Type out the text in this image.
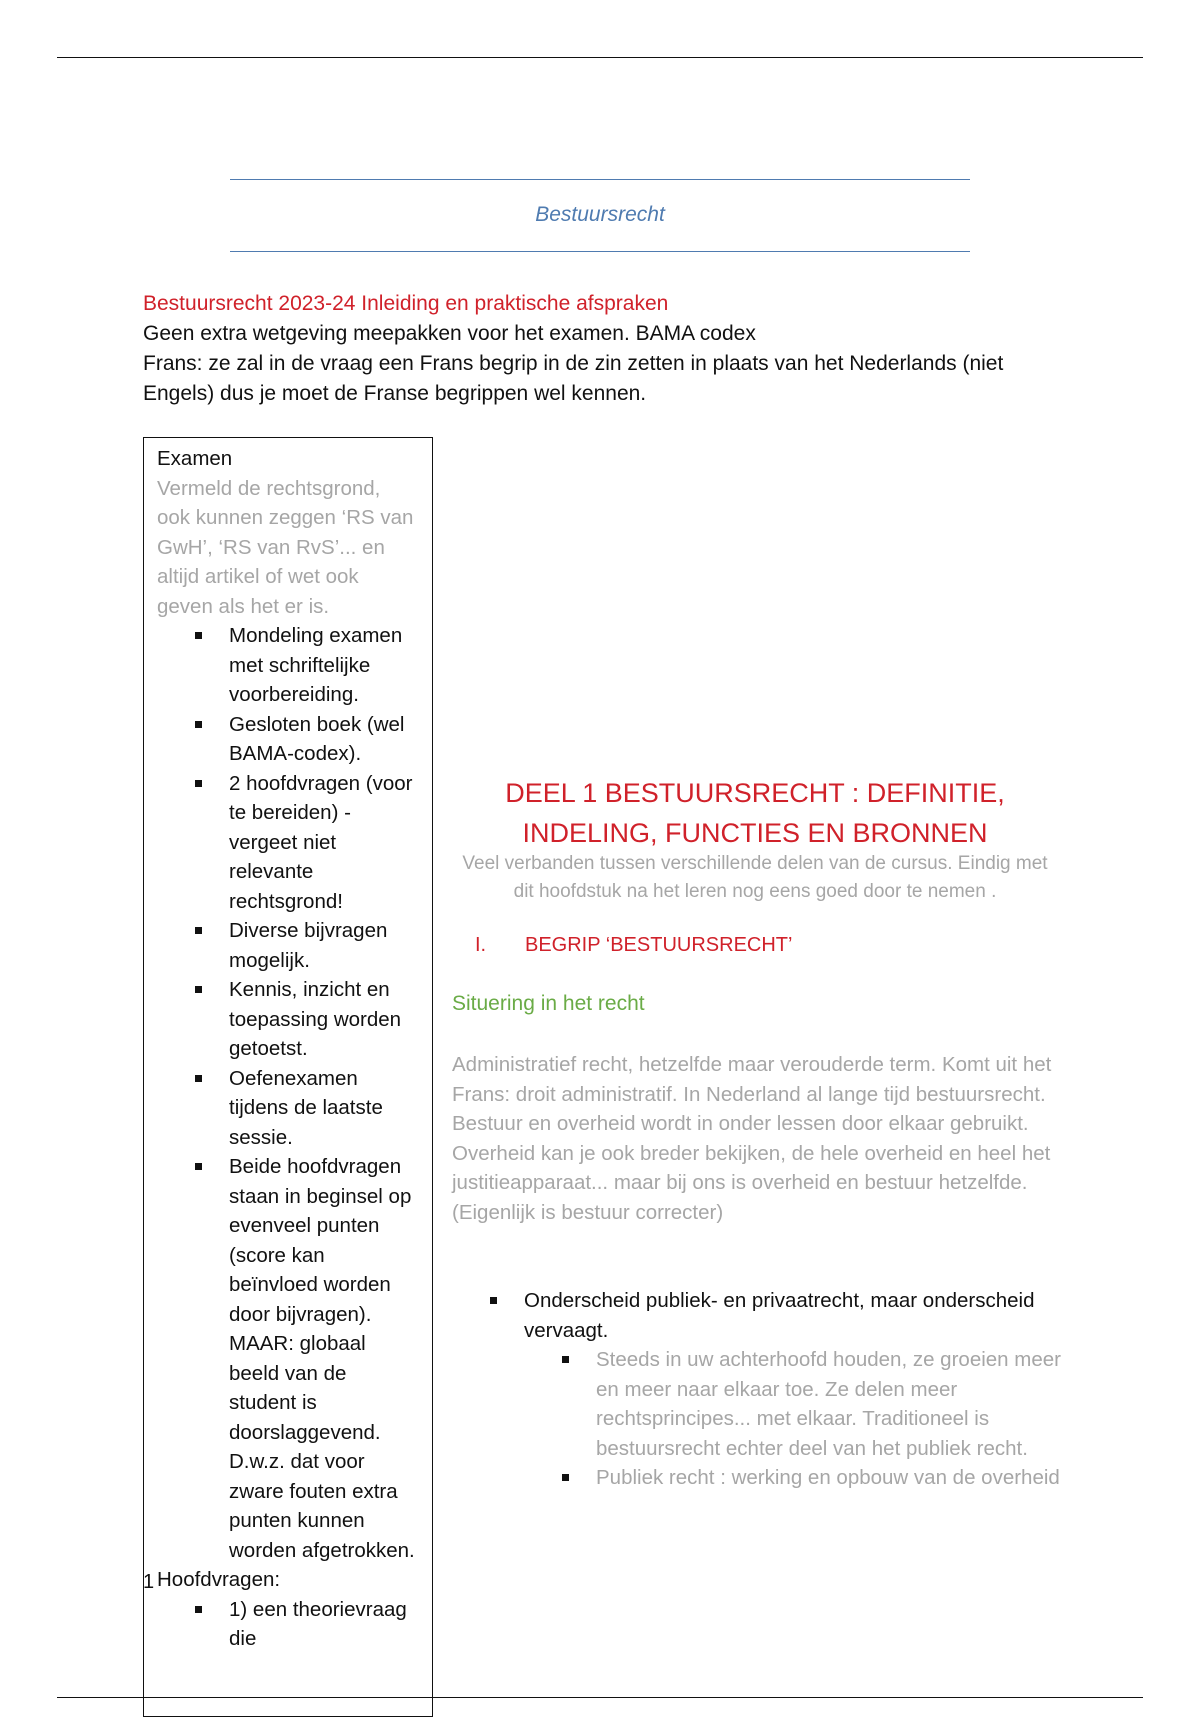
Bestuursrecht

Bestuursrecht 2023-24 Inleiding en praktische afspraken

Geen extra wetgeving meepakken voor het examen. BAMA codex

Frans: ze zal in de vraag een Frans begrip in de zin zetten in plaats van het Nederlands (niet Engels) dus je moet de Franse begrippen wel kennen.

Examen

Vermeld de rechtsgrond, ook kunnen zeggen ‘RS van GwH’, ‘RS van RvS’... en altijd artikel of wet ook geven als het er is.

Mondeling examen met schriftelijke voorbereiding.
Gesloten boek (wel BAMA-codex).
2 hoofdvragen (voor te bereiden) - vergeet niet relevante rechtsgrond!
Diverse bijvragen mogelijk.
Kennis, inzicht en toepassing worden getoetst.
Oefenexamen tijdens de laatste sessie.
Beide hoofdvragen staan in beginsel op evenveel punten (score kan beïnvloed worden door bijvragen). MAAR: globaal beeld van de student is doorslaggevend. D.w.z. dat voor zware fouten extra punten kunnen worden afgetrokken.

Hoofdvragen:

1) een theorievraag die
1
DEEL 1 BESTUURSRECHT : DEFINITIE, INDELING, FUNCTIES EN BRONNEN
Veel verbanden tussen verschillende delen van de cursus. Eindig met dit hoofdstuk na het leren nog eens goed door te nemen .
I. BEGRIP ‘BESTUURSRECHT’
Situering in het recht

Administratief recht, hetzelfde maar verouderde term. Komt uit het Frans: droit administratif. In Nederland al lange tijd bestuursrecht.

Bestuur en overheid wordt in onder lessen door elkaar gebruikt. Overheid kan je ook breder bekijken, de hele overheid en heel het justitieapparaat... maar bij ons is overheid en bestuur hetzelfde. (Eigenlijk is bestuur correcter)

Onderscheid publiek- en privaatrecht, maar onderscheid vervaagt.
Steeds in uw achterhoofd houden, ze groeien meer en meer naar elkaar toe. Ze delen meer rechtsprincipes... met elkaar. Traditioneel is bestuursrecht echter deel van het publiek recht.
Publiek recht : werking en opbouw van de overheid
